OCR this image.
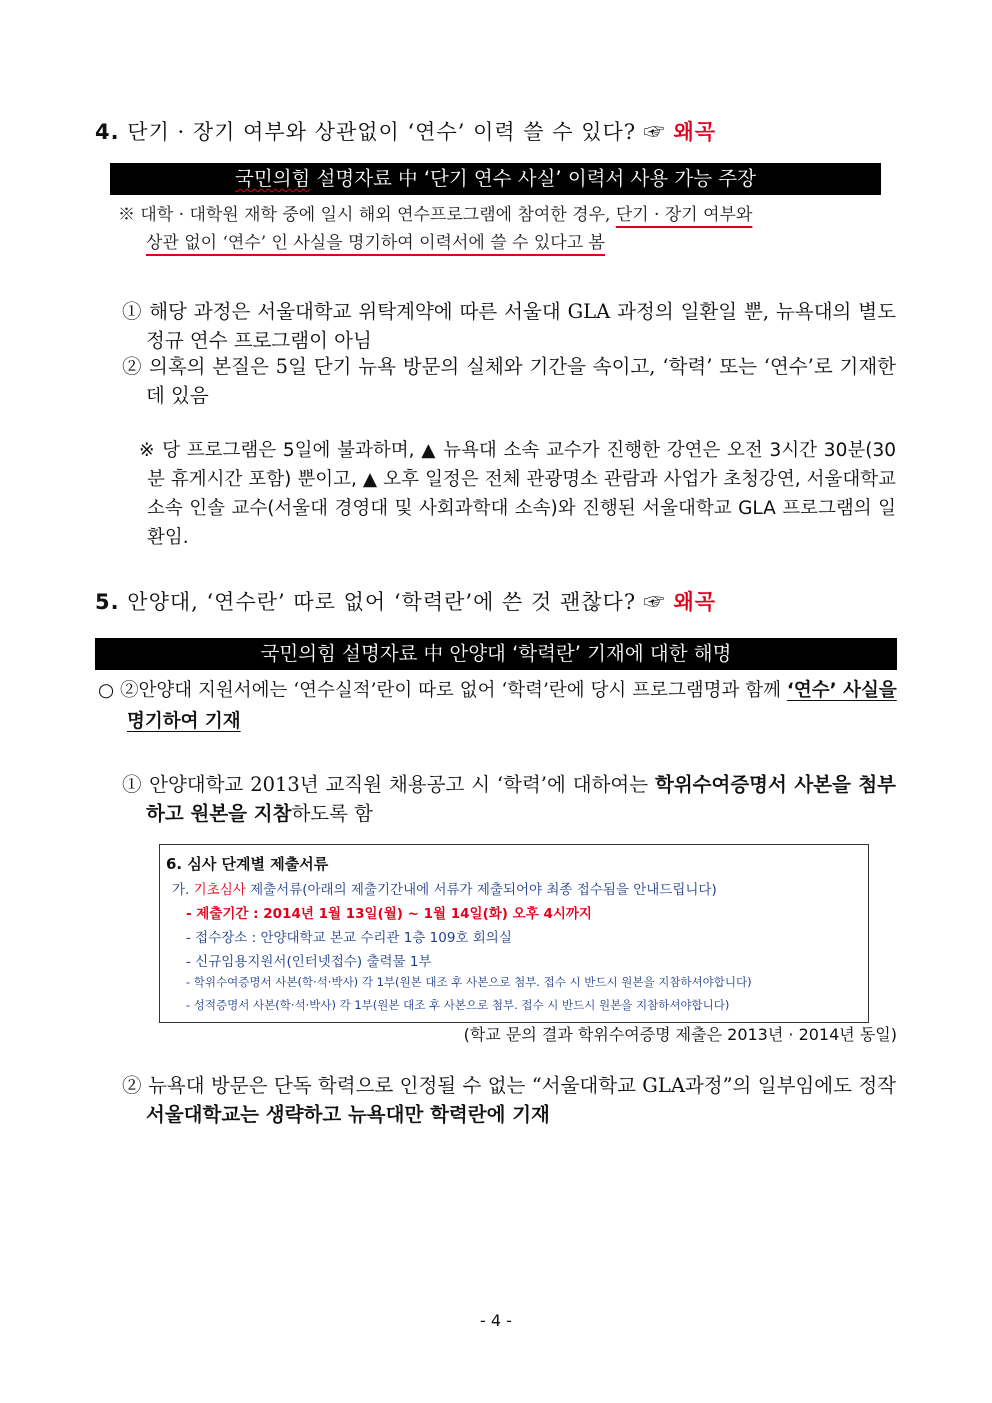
4. 단기 · 장기 여부와 상관없이 ‘연수’ 이력 쓸 수 있다? ☞ 왜곡
국민의힘 설명자료 中 ‘단기 연수 사실’ 이력서 사용 가능 주장
※ 대학 · 대학원 재학 중에 일시 해외 연수프로그램에 참여한 경우, 단기 · 장기 여부와
상관 없이 ‘연수’ 인 사실을 명기하여 이력서에 쓸 수 있다고 봄
① 해당 과정은 서울대학교 위탁계약에 따른 서울대 GLA 과정의 일환일 뿐, 뉴욕대의 별도 정규 연수 프로그램이 아님
② 의혹의 본질은 5일 단기 뉴욕 방문의 실체와 기간을 속이고, ‘학력’ 또는 ‘연수’로 기재한 데 있음
※ 당 프로그램은 5일에 불과하며, ▲ 뉴욕대 소속 교수가 진행한 강연은 오전 3시간 30분(30분 휴게시간 포함) 뿐이고, ▲ 오후 일정은 전체 관광명소 관람과 사업가 초청강연, 서울대학교 소속 인솔 교수(서울대 경영대 및 사회과학대 소속)와 진행된 서울대학교 GLA 프로그램의 일환임.
5. 안양대, ‘연수란’ 따로 없어 ‘학력란’에 쓴 것 괜찮다? ☞ 왜곡
국민의힘 설명자료 中 안양대 ‘학력란’ 기재에 대한 해명
○ ②안양대 지원서에는 ‘연수실적’란이 따로 없어 ‘학력’란에 당시 프로그램명과 함께 ‘연수’ 사실을 명기하여 기재
① 안양대학교 2013년 교직원 채용공고 시 ‘학력’에 대하여는 학위수여증명서 사본을 첨부하고 원본을 지참하도록 함
6. 심사 단계별 제출서류
가. 기초심사 제출서류(아래의 제출기간내에 서류가 제출되어야 최종 접수됨을 안내드립니다)
- 제출기간 : 2014년 1월 13일(월) ~ 1월 14일(화) 오후 4시까지
- 접수장소 : 안양대학교 본교 수리관 1층 109호 회의실
- 신규임용지원서(인터넷접수) 출력물 1부
- 학위수여증명서 사본(학·석·박사) 각 1부(원본 대조 후 사본으로 첨부. 접수 시 반드시 원본을 지참하셔야합니다)
- 성적증명서 사본(학·석·박사) 각 1부(원본 대조 후 사본으로 첨부. 접수 시 반드시 원본을 지참하셔야합니다)
(학교 문의 결과 학위수여증명 제출은 2013년 · 2014년 동일)
② 뉴욕대 방문은 단독 학력으로 인정될 수 없는 “서울대학교 GLA과정”의 일부임에도 정작 서울대학교는 생략하고 뉴욕대만 학력란에 기재
- 4 -
